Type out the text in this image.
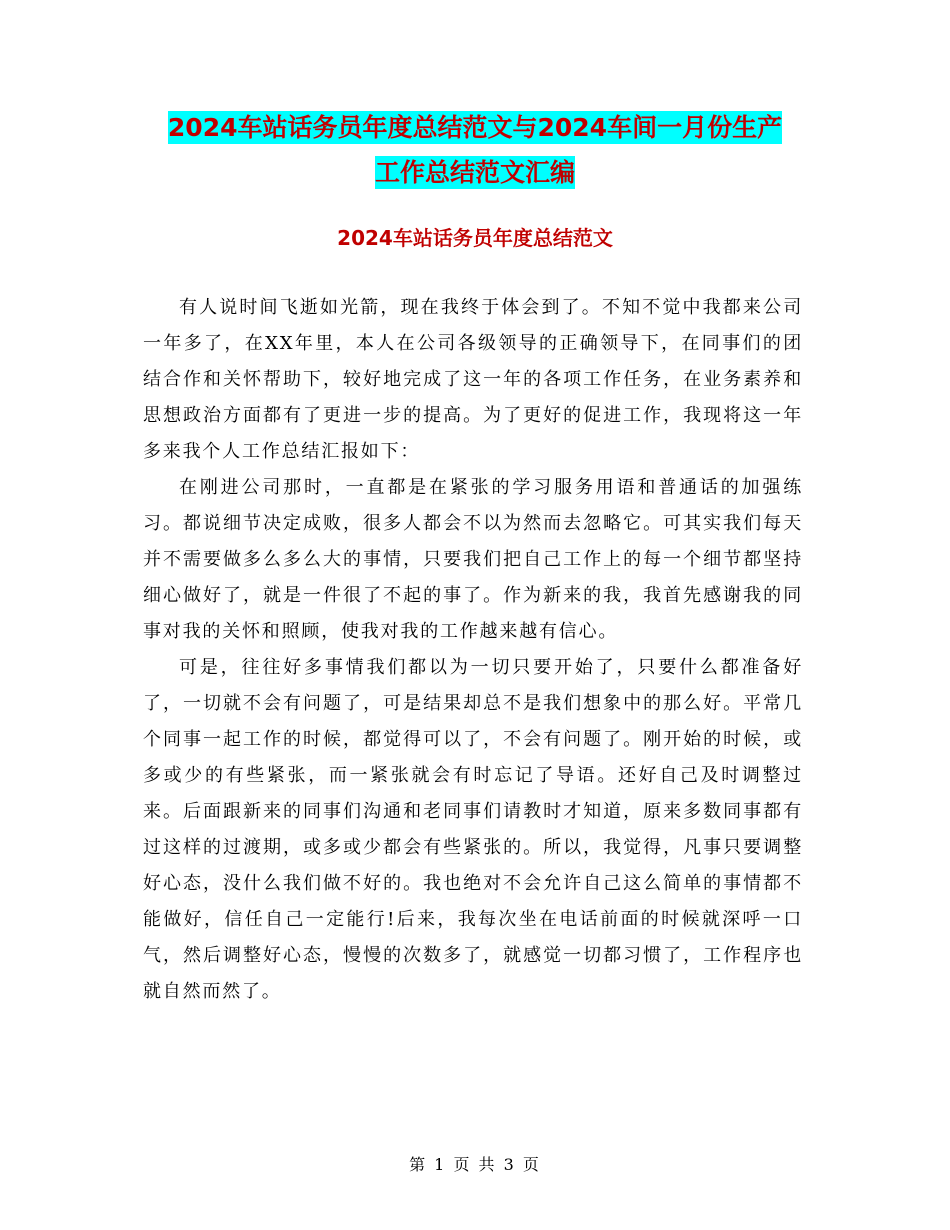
2024车站话务员年度总结范文与2024车间一月份生产
工作总结范文汇编
2024车站话务员年度总结范文

有人说时间飞逝如光箭，现在我终于体会到了。不知不觉中我都来公司一年多了，在XX年里，本人在公司各级领导的正确领导下，在同事们的团结合作和关怀帮助下，较好地完成了这一年的各项工作任务，在业务素养和思想政治方面都有了更进一步的提高。为了更好的促进工作，我现将这一年多来我个人工作总结汇报如下：

在刚进公司那时，一直都是在紧张的学习服务用语和普通话的加强练习。都说细节决定成败，很多人都会不以为然而去忽略它。可其实我们每天并不需要做多么多么大的事情，只要我们把自己工作上的每一个细节都坚持细心做好了，就是一件很了不起的事了。作为新来的我，我首先感谢我的同事对我的关怀和照顾，使我对我的工作越来越有信心。

可是，往往好多事情我们都以为一切只要开始了，只要什么都准备好了，一切就不会有问题了，可是结果却总不是我们想象中的那么好。平常几个同事一起工作的时候，都觉得可以了，不会有问题了。刚开始的时候，或多或少的有些紧张，而一紧张就会有时忘记了导语。还好自己及时调整过来。后面跟新来的同事们沟通和老同事们请教时才知道，原来多数同事都有过这样的过渡期，或多或少都会有些紧张的。所以，我觉得，凡事只要调整好心态，没什么我们做不好的。我也绝对不会允许自己这么简单的事情都不能做好，信任自己一定能行!后来，我每次坐在电话前面的时候就深呼一口气，然后调整好心态，慢慢的次数多了，就感觉一切都习惯了，工作程序也就自然而然了。

第 1 页 共 3 页
